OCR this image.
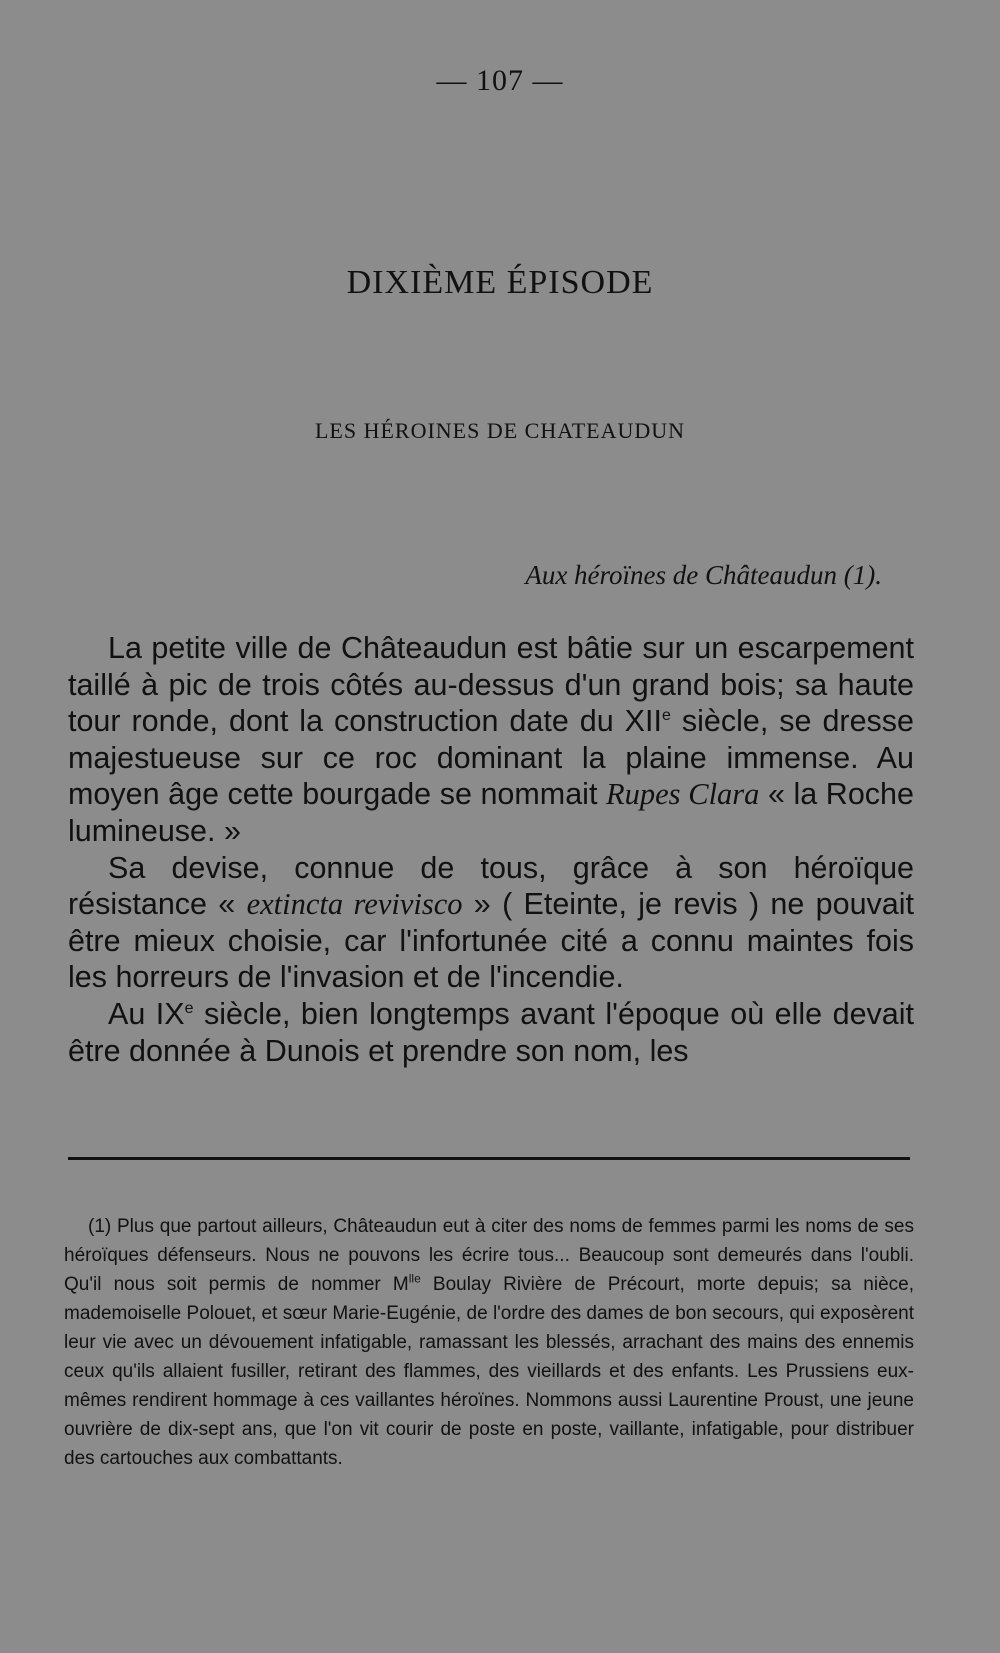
— 107 —
DIXIÈME ÉPISODE
LES HÉROINES DE CHATEAUDUN
Aux héroïnes de Châteaudun (1).

La petite ville de Châteaudun est bâtie sur un escarpement taillé à pic de trois côtés au-dessus d'un grand bois; sa haute tour ronde, dont la construction date du XIIe siècle, se dresse majestueuse sur ce roc dominant la plaine immense. Au moyen âge cette bourgade se nommait Rupes Clara « la Roche lumineuse. »

Sa devise, connue de tous, grâce à son héroïque résistance « extincta revivisco » ( Eteinte, je revis ) ne pouvait être mieux choisie, car l'infortunée cité a connu maintes fois les horreurs de l'invasion et de l'incendie.

Au IXe siècle, bien longtemps avant l'époque où elle devait être donnée à Dunois et prendre son nom, les

(1) Plus que partout ailleurs, Châteaudun eut à citer des noms de femmes parmi les noms de ses héroïques défenseurs. Nous ne pouvons les écrire tous... Beaucoup sont demeurés dans l'oubli. Qu'il nous soit permis de nommer $M^{lle}$ Boulay Rivière de Précourt, morte depuis; sa nièce, mademoiselle Polouet, et sœur Marie-Eugénie, de l'ordre des dames de bon secours, qui exposèrent leur vie avec un dévouement infatigable, ramassant les blessés, arrachant des mains des ennemis ceux qu'ils allaient fusiller, retirant des flammes, des vieillards et des enfants. Les Prussiens eux-mêmes rendirent hommage à ces vaillantes héroïnes. Nommons aussi Laurentine Proust, une jeune ouvrière de dix-sept ans, que l'on vit courir de poste en poste, vaillante, infatigable, pour distribuer des cartouches aux combattants.
